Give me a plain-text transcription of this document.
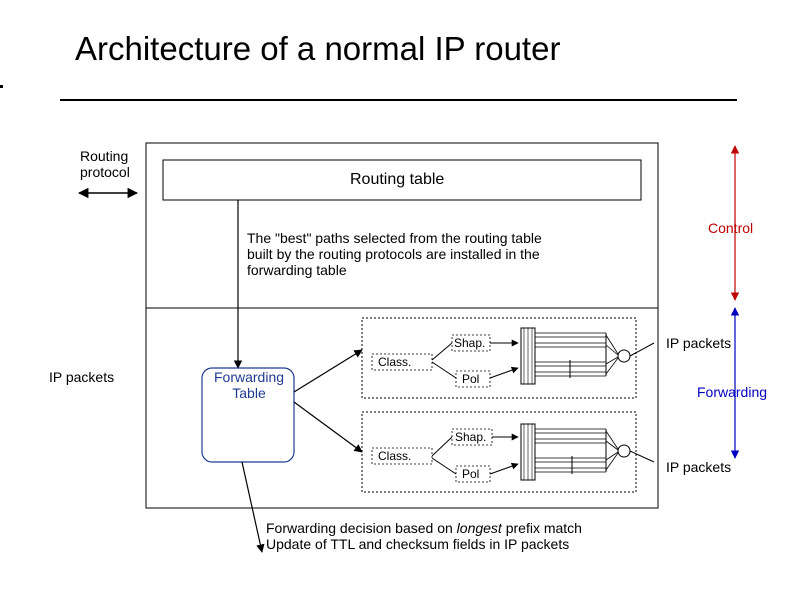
Architecture of a normal IP router
Routing
protocol	Routing table
The "best" paths selected from the routing table
built by the routing protocols are installed in the
forwarding table
Control
IP packets	Forwarding
Table
Shap.
Class.
Pol
Shap.
Class.
Pol
IP packets
Forwarding
IP packets
Forwarding decision based on longest prefix match
Update of TTL and checksum fields in IP packets
